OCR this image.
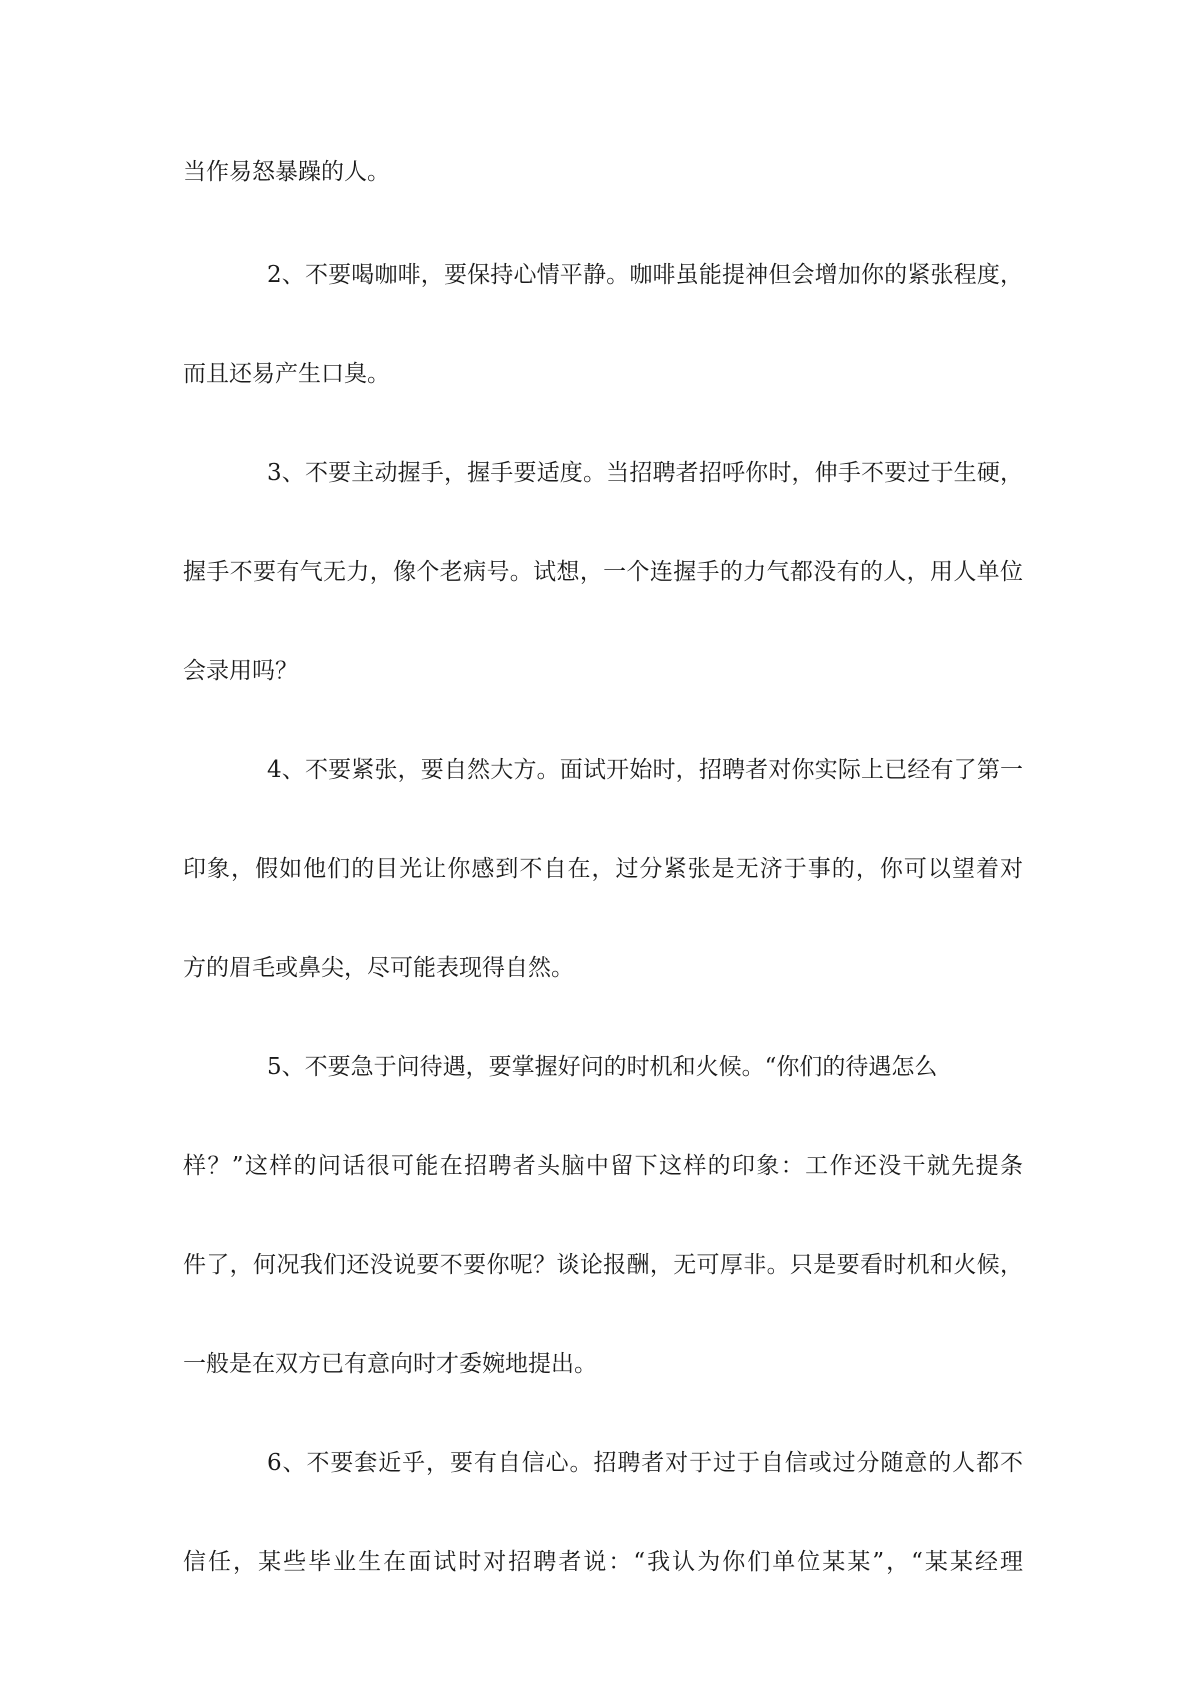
当作易怒暴躁的人。
2、不要喝咖啡，要保持心情平静。咖啡虽能提神但会增加你的紧张程度，
而且还易产生口臭。
3、不要主动握手，握手要适度。当招聘者招呼你时，伸手不要过于生硬，
握手不要有气无力，像个老病号。试想，一个连握手的力气都没有的人，用人单位
会录用吗？
4、不要紧张，要自然大方。面试开始时，招聘者对你实际上已经有了第一
印象，假如他们的目光让你感到不自在，过分紧张是无济于事的，你可以望着对
方的眉毛或鼻尖，尽可能表现得自然。
5、不要急于问待遇，要掌握好问的时机和火候。“你们的待遇怎么
样？”这样的问话很可能在招聘者头脑中留下这样的印象：工作还没干就先提条
件了，何况我们还没说要不要你呢？谈论报酬，无可厚非。只是要看时机和火候，
一般是在双方已有意向时才委婉地提出。
6、不要套近乎，要有自信心。招聘者对于过于自信或过分随意的人都不
信任，某些毕业生在面试时对招聘者说：“我认为你们单位某某”，“某某经理
